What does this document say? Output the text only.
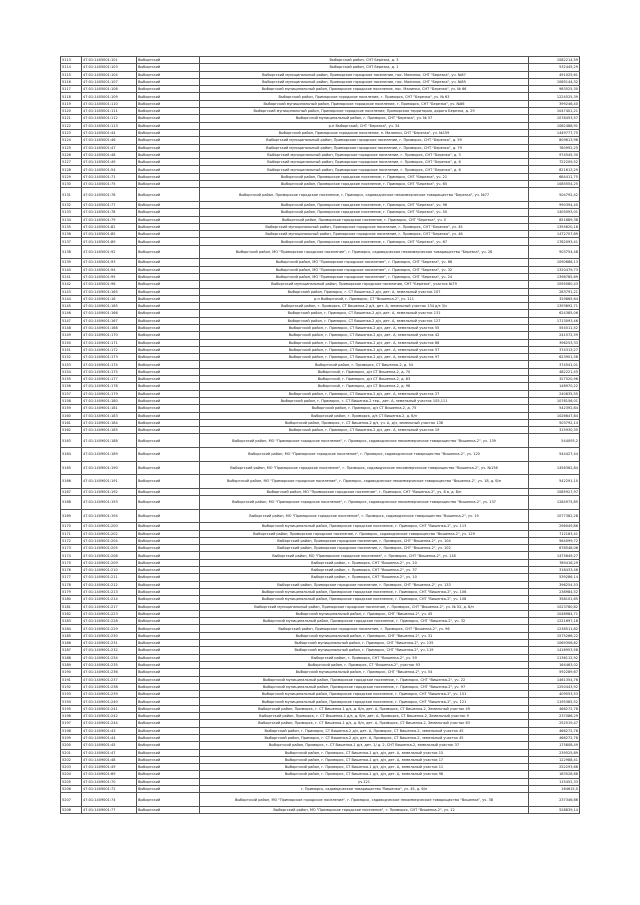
5113	47:01:1405001:101	Выборгский	Выборгский район, СНТ Березка, д. 3	1082214,59
5114	47:01:1405001:103	Выборгский	Выборгский район, СНТ Березка, д. 1	532445,29
5115	47:01:1405001:104	Выборгский	Выборгский муниципальный район, Приморское городское поселение, пос. Малинки, СНТ "Березка", уч. №87	491025,61
5116	47:01:1405001:107	Выборгский	Выборгский муниципальный район, Приморское городское поселение, пос. Малинки, СНТ "Березка", уч. №85	1065144,32
5117	47:01:1405001:108	Выборгский	Выборгский муниципальный район, Приморское городское поселение, пос. Малинки, СНТ "Березка", уч. № 66	983525,30
5118	47:01:1405001:109	Выборгский	Выборгский район, Приморское городское поселение, г. Приморск, СНТ "Березка", уч. № 63	1224525,39
5119	47:01:1405001:110	Выборгский	Выборгский муниципальный район, Приморское городское поселение, г. Приморск, СНТ "Березка", уч. №86	399246,40
5120	47:01:1405001:111	Выборгский	Выборгский муниципальный район, Приморское городское поселение, Приморская территория, дорога Березка, д. 29	1047401,21
5121	47:01:1405001:112	Выборгский	Выборгский муниципальный район, г. Приморск, СНТ "Березка", уч. № 37	1078453,57
5122	47:01:1405001:113	Выборгский	р-н Выборгский, СНТ "Березка", уч. 34	1082488,91
5123	47:01:1405001:44	Выборгский	Выборгский район, Приморское городское поселение, п. Малинки, СНТ "Березка", уч. №159	1449777,75
5124	47:01:1405001:46	Выборгский	Выборгский муниципальный район, Приморское городское поселение, г. Приморск, СНТ "Березка", д. 59	809613,96
5125	47:01:1405001:47	Выборгский	Выборгский муниципальный район, Приморское городское поселение, г. Приморск, СНТ "Березка", д. 79	780992,25
5126	47:01:1405001:48	Выборгский	Выборгский муниципальный район, Приморское городское поселение, г. Приморск, СНТ "Березка", д. 3	974545,30
5127	47:01:1405001:49	Выборгский	Выборгский муниципальный район, Приморское городское поселение, г. Приморск, СНТ "Березка", д. 6	722209,52
5128	47:01:1405001:54	Выборгский	Выборгский муниципальный район, Приморское городское поселение, г. Приморск, СНТ "Березка", д. 6	821613,29
5129	47:01:1405001:71	Выборгский	Выборгский район, Приморское городское поселение, г. Приморск, СНТ "Березка", уч. 21	684411,75
5130	47:01:1405001:75	Выборгский	Выборгский район, Приморское городское поселение, г. Приморск, СНТ "Березка", уч. 65	1085554,25
5131	47:01:1405001:78	Выборгский	Выборгский район, Приморское городское поселение, г. Приморск, садоводческое некоммерческое товарищество "Березка", уч. №77	504792,42
5132	47:01:1405001:77	Выборгский	Выборгский район, Приморское городское поселение, г. Приморск, СНТ "Березка", уч. 96	990394,40
5133	47:01:1405001:78	Выборгский	Выборгский район, Приморское городское поселение, г. Приморск, СНТ "Березка", уч. 50	1405093,01
5134	47:01:1405001:79	Выборгский	Выборгский район, Приморское городское поселение, г. Приморск, СНТ "Березка", уч. 5	851689,38
5135	47:01:1405001:82	Выборгский	Выборгский муниципальный район, Приморское городское поселение, г. Приморск, СНТ "Березка", уч. 45	1355620,18
5136	47:01:1405001:85	Выборгский	Выборгский муниципальный район, Приморское городское поселение, г. Приморск, СНТ "Березка", уч. 46	1472707,69
5137	47:01:1405001:89	Выборгский	Выборгский район, Приморское городское поселение, г. Приморск, СНТ "Березка", уч. 67	1782093,41
5138	47:01:1405001:92	Выборгский	Выборгский район, МО "Приморское городское поселение", г. Приморск, садоводческое некоммерческое товарищество "Березка", уч. 28	903754,48
5139	47:01:1405001:93	Выборгский	Выборгский район, МО "Приморское городское поселение", г. Приморск, СНТ "Березка", уч. 66	1090686,13
5140	47:01:1405001:94	Выборгский	Выборгский район, МО "Приморское городское поселение", г. Приморск, СНТ "Березка", уч. 32	1320479,73
5141	47:01:1405001:95	Выборгский	Выборгский район, МО "Приморское городское поселение", г. Приморск, СНТ "Березка", уч. 24	1398785,69
5142	47:01:1405001:96	Выборгский	Выборгский муниципальный район, Приморское городское поселение, СНТ "Березка", участок №79	1095080,43
5143	47:01:1409001:165	Выборгский	Выборгский район, Приморск, г. СТ Вишенка-2 д/з, дет. А, земельный участок 107	283791,21
5144	47:01:1409001:16	Выборгский	р-н Выборгский, г. Приморск, СТ "Вишенка-2", уч. 111	329865,64
5145	47:01:1409001:165	Выборгский	Выборгский район, г. Приморск, СТ Вишенка-2 д/з, дет. А, земельный участок 134 д/з 3/з	1393692,71
5146	47:01:1409001:166	Выборгский	Выборгский район, г. Приморск, СТ Вишенка-2 д/з, дет. А, земельный участок 131	624385,06
5147	47:01:1409001:167	Выборгский	Выборгский район, г. Приморск, СТ Вишенка-2 д/з, дет. А, земельный участок 127	1713093,46
5148	47:01:1409001:168	Выборгский	Выборгский район, г. Приморск, СТ Вишенка-2 д/з, дет. А, земельный участок 55	554511,52
5149	47:01:1409001:170	Выборгский	Выборгский район, г. Приморск, СТ Вишенка-2 д/з, дет. А, земельный участок 42	241572,59
5150	47:01:1409001:171	Выборгский	Выборгский район, г. Приморск, СТ Вишенка-2 д/з, дет. А, земельный участок 66	396253,33
5151	47:01:1409001:172	Выборгский	Выборгский район, г. Приморск, СТ Вишенка-2 д/з, дет. А, земельный участок 57	374313,27
5152	47:01:1409001:173	Выборгский	Выборгский район, г. Приморск, СТ Вишенка-2 д/з, дет. А, земельный участок 97	623901,56
5153	47:01:1409001:174	Выборгский	Выборгский район, г. Приморск, СТ Вишенка-2, д. 54	374541,01
5154	47:01:1409001:175	Выборгский	Выборгский, г. Приморск, д/з СТ Вишенка-2, д. 70	482221,45
5155	47:01:1409001:177	Выборгский	Выборгский, г. Приморск, д/з СТ Вишенка-2, д. 83	327520,96
5156	47:01:1409001:178	Выборгский	Выборгский, г. Приморск, д/з СТ Вишенка-2, д. 98	148970,22
5157	47:01:1409001:179	Выборгский	Выборгский район, г. Приморск, СТ Вишенка-2 д/з, дет. А, земельный участок 37	240635,55
5158	47:01:1409001:180	Выборгский	Выборгский район, г. Приморск, г. СТ Вишенка-2 тер., дет. А, земельный участок 105,111	1078156,01
5159	47:01:1409001:181	Выборгский	Выборгский район, г. Приморск, д/з СТ Вишенка-2, д. 75	542392,84
5160	47:01:1409001:183	Выборгский	Выборгский район, г. Приморск, д/з СТ Вишенка-2, д. б/н	1026647,84
5161	47:01:1409001:184	Выборгский	Выборгский район, Приморск, г. СТ Вишенка-2 д/з, уч. А, д/з, земельный участок 136	503792,14
5162	47:01:1409001:185	Выборгский	Выборгский район, г. Приморск, СТ Вишенка-2 д/з, дет. А, земельный участок 19	315930,35
5163	47:01:1409001:188	Выборгский	Выборгский район, МО "Приморское городское поселение", г. Приморск, садоводческое некоммерческое товарищество "Вишенка-2", уч. 139	544093,2
5164	47:01:1409001:189	Выборгский	Выборгский район, МО "Приморское городское поселение", г. Приморск, садоводческое товарищество "Вишенка-2", уч. 120	544427,44
5165	47:01:1409001:190	Выборгский	Выборгский район, МО "Приморское городское поселение", г. Приморск, садоводческое некоммерческое товарищество "Вишенка-2", уч. №136	1456362,84
5166	47:01:1409001:191	Выборгский	Выборгский район, МО "Приморское городское поселение", г. Приморск, садоводческое некоммерческое товарищество "Вишенка-2", уч. 18, д. б/н	542291,10
5167	47:01:1409001:192	Выборгский	Выборгский район, МО "Приморское городское поселение", г. Приморск, СНТ "Вишенка-2", уч. 8 в, д. б/н	1085927,97
5168	47:01:1409001:193	Выборгский	Выборгский район, МО "Приморское городское поселение", г. Приморск, садоводческое некоммерческое товарищество "Вишенка-2", уч. 137	1284975,85
5169	47:01:1409001:194	Выборгский	Выборгский район, МО "Приморское городское поселение", г. Приморск, садоводческое товарищество "Вишенка-2", уч. 19	1077382,28
5170	47:01:1409001:200	Выборгский	Выборгский муниципальный район, Приморское городское поселение, г. Приморск, СНТ "Вишенка-2", уч. 113	296049,86
5171	47:01:1409001:202	Выборгский	Выборгский район, Приморское городское поселение, г. Приморск, садоводческое товарищество "Вишенка-2", уч. 129	712163,41
5172	47:01:1409001:204	Выборгский	Выборгский район, Приморское городское поселение, г. Приморск, СНТ "Вишенка-2", уч. 104	564099,72
5173	47:01:1409001:205	Выборгский	Выборгский район, Приморское городское поселение, г. Приморск, СНТ "Вишенка-2", уч. 102	678548,06
5174	47:01:1409001:208	Выборгский	Выборгский район, МО "Приморское городское поселение", г. Приморск, СНТ "Вишенка-2", уч. 118	1475649,27
5175	47:01:1409001:209	Выборгский	Выборгский район, г. Приморск, СНТ "Вишенка-2", уч. 20	789416,29
5176	47:01:1409001:210	Выборгский	Выборгский район, г. Приморск, СНТ "Вишенка-2", уч. 37	318433,46
5177	47:01:1409001:211	Выборгский	Выборгский район, г. Приморск, СНТ "Вишенка-2", уч. 10	539286,14
5178	47:01:1409001:212	Выборгский	Выборгский район, Приморское городское поселение, г. Приморск, СНТ "Вишенка-2", уч. 133	396254,53
5179	47:01:1409001:213	Выборгский	Выборгский муниципальный район, Приморское городское поселение, г. Приморск, СНТ "Вишенка-2", уч. 106	238984,52
5180	47:01:1409001:214	Выборгский	Выборгский муниципальный район, Приморское городское поселение, г. Приморск, СНТ "Вишенка-2", уч. 108	358101,65
5181	47:01:1409001:217	Выборгский	Выборгский муниципальный район, Приморское городское поселение, г. Приморск, СНТ "Вишенка-2", уч. № 52, д. б/н	1023780,82
5182	47:01:1409001:223	Выборгский	Выборгский муниципальный район, г. Приморск, СНТ "Вишенка-2", уч. 45	1048984,71
5183	47:01:1409001:228	Выборгский	Выборгский муниципальный район, Приморское городское поселение, г. Приморск, СНТ "Вишенка-2", уч. 32	1221697,16
5184	47:01:1409001:229	Выборгский	Выборгский район, Приморское городское поселение, г. Приморск, СНТ "Вишенка-2", уч. 96	1238511,82
5185	47:01:1409001:230	Выборгский	Выборгский муниципальный район, г. Приморск, СНТ "Вишенка-2", уч. 31	1575266,22
5186	47:01:1409001:231	Выборгский	Выборгский муниципальный район, г. Приморск, СНТ "Вишенка-2", уч. 135	1069306,62
5187	47:01:1409001:232	Выборгский	Выборгский муниципальный район, г. Приморск, СНТ "Вишенка-2", уч. 119	1416953,58
5188	47:01:1409001:234	Выборгский	Выборгский район, г. Приморск, СНТ "Вишенка-2", уч. 59	1136112,92
5189	47:01:1409001:235	Выборгский	Выборгский район, г. Приморск, СТ "Вишенка-2", участок 93	164463,02
5190	47:01:1409001:236	Выборгский	Выборгский муниципальный район, г. Приморск, СНТ "Вишенка-2", уч. 54	592289,67
5191	47:01:1409001:237	Выборгский	Выборгский муниципальный район, Приморское городское поселение, г. Приморск, СНТ "Вишенка-2", уч. 22	1461354,76
5192	47:01:1409001:238	Выборгский	Выборгский муниципальный район, Приморское городское поселение, г. Приморск, СНТ "Вишенка-2", уч. 97	1250443,92
5193	47:01:1409001:239	Выборгский	Выборгский муниципальный район, Приморское городское поселение, г. Приморск, СНТ "Вишенка-2", уч. 151	409553,53
5194	47:01:1409001:240	Выборгский	Выборгский муниципальный район, Приморское городское поселение, г. Приморск, СНТ "Вишенка-2", уч. 121	1195385,52
5195	47:01:1409001:241	Выборгский	Выборгский район, Приморск, г. СТ Вишенка-1 д/з, д. б/н, дет. А, Приморск, СТ Вишенка-2, Земельный участок 49	466272,78
5196	47:01:1409001:242	Выборгский	Выборгский район, Приморск, г. СТ Вишенка-1 д/з, д. б/н, дет. А, Приморск, СТ Вишенка-2, Земельный участок 9	237086,29
5197	47:01:1409001:244	Выборгский	Выборгский район, Приморск, г. СТ Вишенка-1 д/з, д. б/н, дет. А, Приморск, СТ Вишенка-2, Земельный участок 63	252519,47
5198	47:01:1409001:43	Выборгский	Выборгский район, г. Приморск, СТ Вишенка-2 д/з, дет. А, Приморск, СТ Вишенка-2, земельный участок 45	466272,78
5199	47:01:1409001:44	Выборгский	Выборгский район, Приморск, г. СТ Вишенка-2 д/з, дет. А, Приморск, СТ Вишенка-2, земельный участок 45	466272,78
5200	47:01:1409001:45	Выборгский	Выборгский район, Приморск, г. СТ Вишенка-1 д/з, дет. 1/ д. 2, СНТ Вишенка-2, земельный участок 37	175808,49
5201	47:01:1409001:47	Выборгский	Выборгский район, г. Приморск, СТ Вишенка-1 д/з, д/з, дет. А, земельный участок 15	239525,89
5202	47:01:1409001:48	Выборгский	Выборгский район, г. Приморск, СТ Вишенка-1 д/з, д/з, дет. А, земельный участок 17	122988,41
5203	47:01:1409001:49	Выборгский	Выборгский район, г. Приморск, СТ Вишенка-1 д/з, д/з, дет. А, земельный участок 11	252293,66
5204	47:01:1409001:69	Выборгский	Выборгский район, г. Приморск, СТ Вишенка-1 д/з, д/з, дет. А, земельный участок 98	183528,88
5205	47:01:1409001:70	Выборгский	уч.121	115452,33
5206	47:01:1409001:72	Выборгский	г. Приморск, садоводческое товарищество "Вишенка", уч. 45, д. б/н	164615,0
5207	47:01:1409001:74	Выборгский	Выборгский район, МО "Приморское городское поселение", г. Приморск, садоводческое некоммерческое товарищество "Вишенка", уч. 38	237346,86
5208	47:01:1409001:77	Выборгский	Выборгский район, МО "Приморское городское поселение", г. Приморск, СНТ "Вишенка-2", уч. 12	528839,14
